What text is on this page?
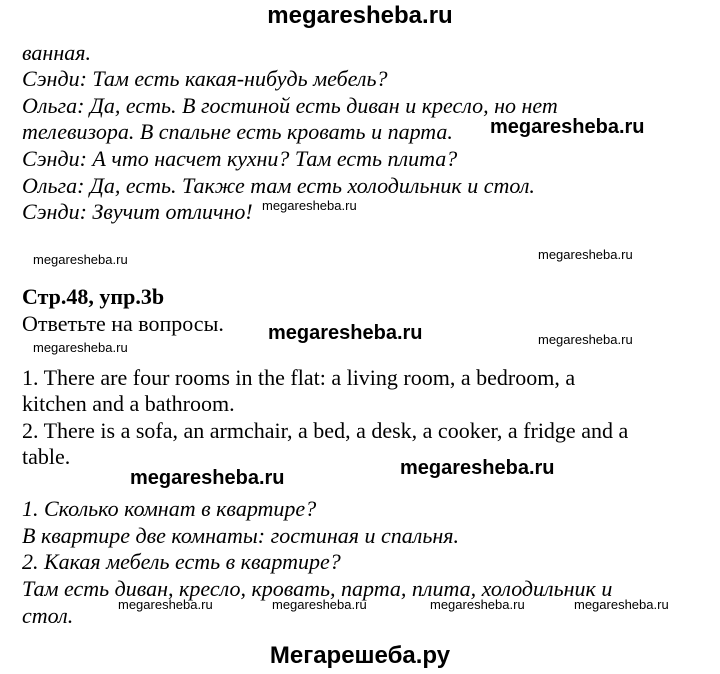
megaresheba.ru
ванная.
Сэнди: Там есть какая-нибудь мебель?
Ольга: Да, есть. В гостиной есть диван и кресло, но нет
телевизора. В спальне есть кровать и парта.
Сэнди: А что насчет кухни? Там есть плита?
Ольга: Да, есть. Также там есть холодильник и стол.
Сэнди: Звучит отлично!
Стр.48, упр.3b
Ответьте на вопросы.
1. There are four rooms in the flat: a living room, a bedroom, a
kitchen and a bathroom.
2. There is a sofa, an armchair, a bed, a desk, a cooker, a fridge and a
table.
1. Сколько комнат в квартире?
В квартире две комнаты: гостиная и спальня.
2. Какая мебель есть в квартире?
Там есть диван, кресло, кровать, парта, плита, холодильник и
стол.
megaresheba.ru
megaresheba.ru
megaresheba.ru	megaresheba.ru
megaresheba.ru	megaresheba.ru
megaresheba.ru
megaresheba.ru	megaresheba.ru
megaresheba.ru	megaresheba.ru	megaresheba.ru	megaresheba.ru
Мегарешеба.ру
